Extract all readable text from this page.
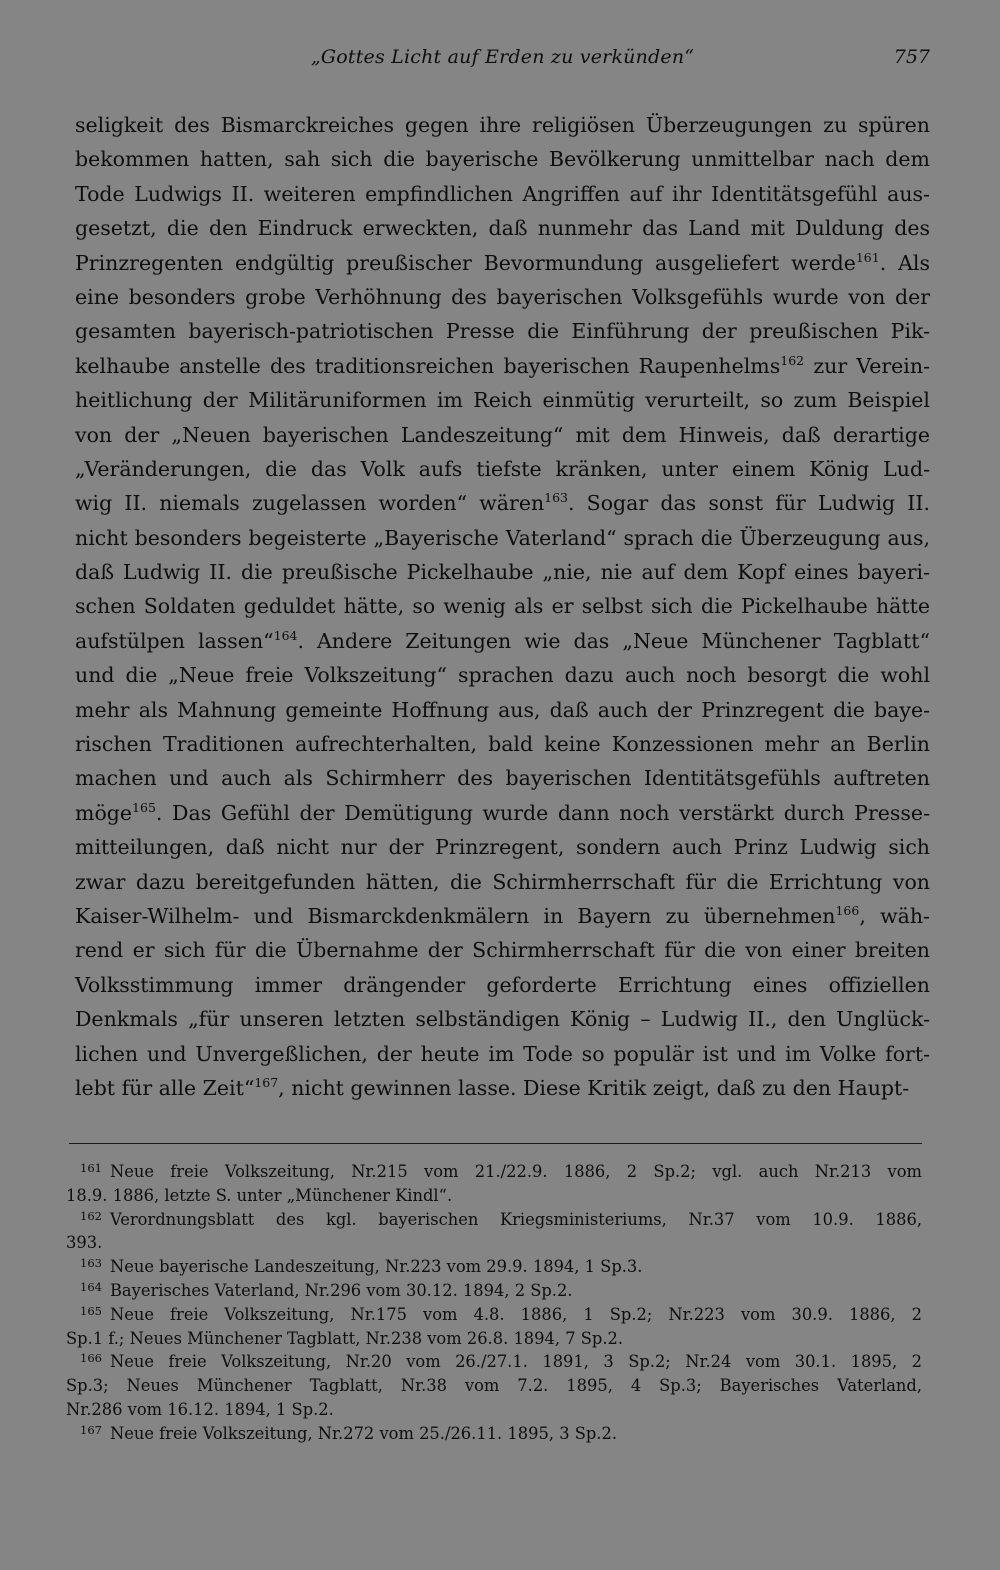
„Gottes Licht auf Erden zu verkünden“	757
seligkeit des Bismarckreiches gegen ihre religiösen Überzeugungen zu spüren
bekommen hatten, sah sich die bayerische Bevölkerung unmittelbar nach dem
Tode Ludwigs II. weiteren empfindlichen Angriffen auf ihr Identitätsgefühl aus-
gesetzt, die den Eindruck erweckten, daß nunmehr das Land mit Duldung des
Prinzregenten endgültig preußischer Bevormundung ausgeliefert werde$^{161}$. Als
eine besonders grobe Verhöhnung des bayerischen Volksgefühls wurde von der
gesamten bayerisch-patriotischen Presse die Einführung der preußischen Pik-
kelhaube anstelle des traditionsreichen bayerischen Raupenhelms$^{162}$ zur Verein-
heitlichung der Militäruniformen im Reich einmütig verurteilt, so zum Beispiel
von der „Neuen bayerischen Landeszeitung“ mit dem Hinweis, daß derartige
„Veränderungen, die das Volk aufs tiefste kränken, unter einem König Lud-
wig II. niemals zugelassen worden“ wären$^{163}$. Sogar das sonst für Ludwig II.
nicht besonders begeisterte „Bayerische Vaterland“ sprach die Überzeugung aus,
daß Ludwig II. die preußische Pickelhaube „nie, nie auf dem Kopf eines bayeri-
schen Soldaten geduldet hätte, so wenig als er selbst sich die Pickelhaube hätte
aufstülpen lassen“$^{164}$. Andere Zeitungen wie das „Neue Münchener Tagblatt“
und die „Neue freie Volkszeitung“ sprachen dazu auch noch besorgt die wohl
mehr als Mahnung gemeinte Hoffnung aus, daß auch der Prinzregent die baye-
rischen Traditionen aufrechterhalten, bald keine Konzessionen mehr an Berlin
machen und auch als Schirmherr des bayerischen Identitätsgefühls auftreten
möge$^{165}$. Das Gefühl der Demütigung wurde dann noch verstärkt durch Presse-
mitteilungen, daß nicht nur der Prinzregent, sondern auch Prinz Ludwig sich
zwar dazu bereitgefunden hätten, die Schirmherrschaft für die Errichtung von
Kaiser-Wilhelm- und Bismarckdenkmälern in Bayern zu übernehmen$^{166}$, wäh-
rend er sich für die Übernahme der Schirmherrschaft für die von einer breiten
Volksstimmung immer drängender geforderte Errichtung eines offiziellen
Denkmals „für unseren letzten selbständigen König – Ludwig II., den Unglück-
lichen und Unvergeßlichen, der heute im Tode so populär ist und im Volke fort-
lebt für alle Zeit“$^{167}$, nicht gewinnen lasse. Diese Kritik zeigt, daß zu den Haupt-
$^{161}$ Neue freie Volkszeitung, Nr.215 vom 21./22.9. 1886, 2 Sp.2; vgl. auch Nr.213 vom
18.9. 1886, letzte S. unter „Münchener Kindl“.
$^{162}$ Verordnungsblatt des kgl. bayerischen Kriegsministeriums, Nr.37 vom 10.9. 1886,
393.
$^{163}$ Neue bayerische Landeszeitung, Nr.223 vom 29.9. 1894, 1 Sp.3.
$^{164}$ Bayerisches Vaterland, Nr.296 vom 30.12. 1894, 2 Sp.2.
$^{165}$ Neue freie Volkszeitung, Nr.175 vom 4.8. 1886, 1 Sp.2; Nr.223 vom 30.9. 1886, 2
Sp.1 f.; Neues Münchener Tagblatt, Nr.238 vom 26.8. 1894, 7 Sp.2.
$^{166}$ Neue freie Volkszeitung, Nr.20 vom 26./27.1. 1891, 3 Sp.2; Nr.24 vom 30.1. 1895, 2
Sp.3; Neues Münchener Tagblatt, Nr.38 vom 7.2. 1895, 4 Sp.3; Bayerisches Vaterland,
Nr.286 vom 16.12. 1894, 1 Sp.2.
$^{167}$ Neue freie Volkszeitung, Nr.272 vom 25./26.11. 1895, 3 Sp.2.
